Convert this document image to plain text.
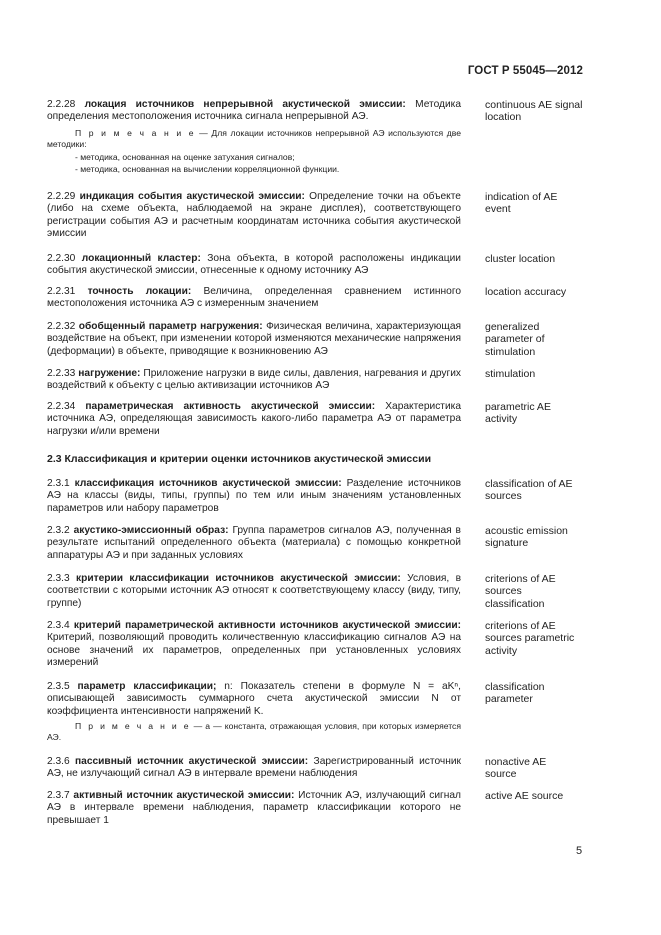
ГОСТ Р 55045—2012
2.2.28 локация источников непрерывной акустической эмиссии: Методика определения местоположения источника сигнала непрерывной АЭ.
П р и м е ч а н и е — Для локации источников непрерывной АЭ используются две методики:
- методика, основанная на оценке затухания сигналов;
- методика, основанная на вычислении корреляционной функции.
continuous AE signal location
2.2.29 индикация события акустической эмиссии: Определение точки на объекте (либо на схеме объекта, наблюдаемой на экране дисплея), соответствующего регистрации события АЭ и расчетным координатам источника события акустической эмиссии
indication of AE event
2.2.30 локационный кластер: Зона объекта, в которой расположены индикации события акустической эмиссии, отнесенные к одному источнику АЭ
cluster location
2.2.31 точность локации: Величина, определенная сравнением истинного местоположения источника АЭ с измеренным значением
location accuracy
2.2.32 обобщенный параметр нагружения: Физическая величина, характеризующая воздействие на объект, при изменении которой изменяются механические напряжения (деформации) в объекте, приводящие к возникновению АЭ
generalized parameter of stimulation
2.2.33 нагружение: Приложение нагрузки в виде силы, давления, нагревания и других воздействий к объекту с целью активизации источников АЭ
stimulation
2.2.34 параметрическая активность акустической эмиссии: Характеристика источника АЭ, определяющая зависимость какого-либо параметра АЭ от параметра нагрузки и/или времени
parametric AE activity
2.3 Классификация и критерии оценки источников акустической эмиссии
2.3.1 классификация источников акустической эмиссии: Разделение источников АЭ на классы (виды, типы, группы) по тем или иным значениям установленных параметров или набору параметров
classification of AE sources
2.3.2 акустико-эмиссионный образ: Группа параметров сигналов АЭ, полученная в результате испытаний определенного объекта (материала) с помощью конкретной аппаратуры АЭ и при заданных условиях
acoustic emission signature
2.3.3 критерии классификации источников акустической эмиссии: Условия, в соответствии с которыми источник АЭ относят к соответствующему классу (виду, типу, группе)
criterions of AE sources classification
2.3.4 критерий параметрической активности источников акустической эмиссии: Критерий, позволяющий проводить количественную классификацию сигналов АЭ на основе значений их параметров, определенных при установленных условиях измерений
criterions of AE sources parametric activity
2.3.5 параметр классификации; n: Показатель степени в формуле N = aKⁿ, описывающей зависимость суммарного счета акустической эмиссии N от коэффициента интенсивности напряжений K.
П р и м е ч а н и е — а — константа, отражающая условия, при которых измеряется АЭ.
classification parameter
2.3.6 пассивный источник акустической эмиссии: Зарегистрированный источник АЭ, не излучающий сигнал АЭ в интервале времени наблюдения
nonactive AE source
2.3.7 активный источник акустической эмиссии: Источник АЭ, излучающий сигнал АЭ в интервале времени наблюдения, параметр классификации которого не превышает 1
active AE source
5
